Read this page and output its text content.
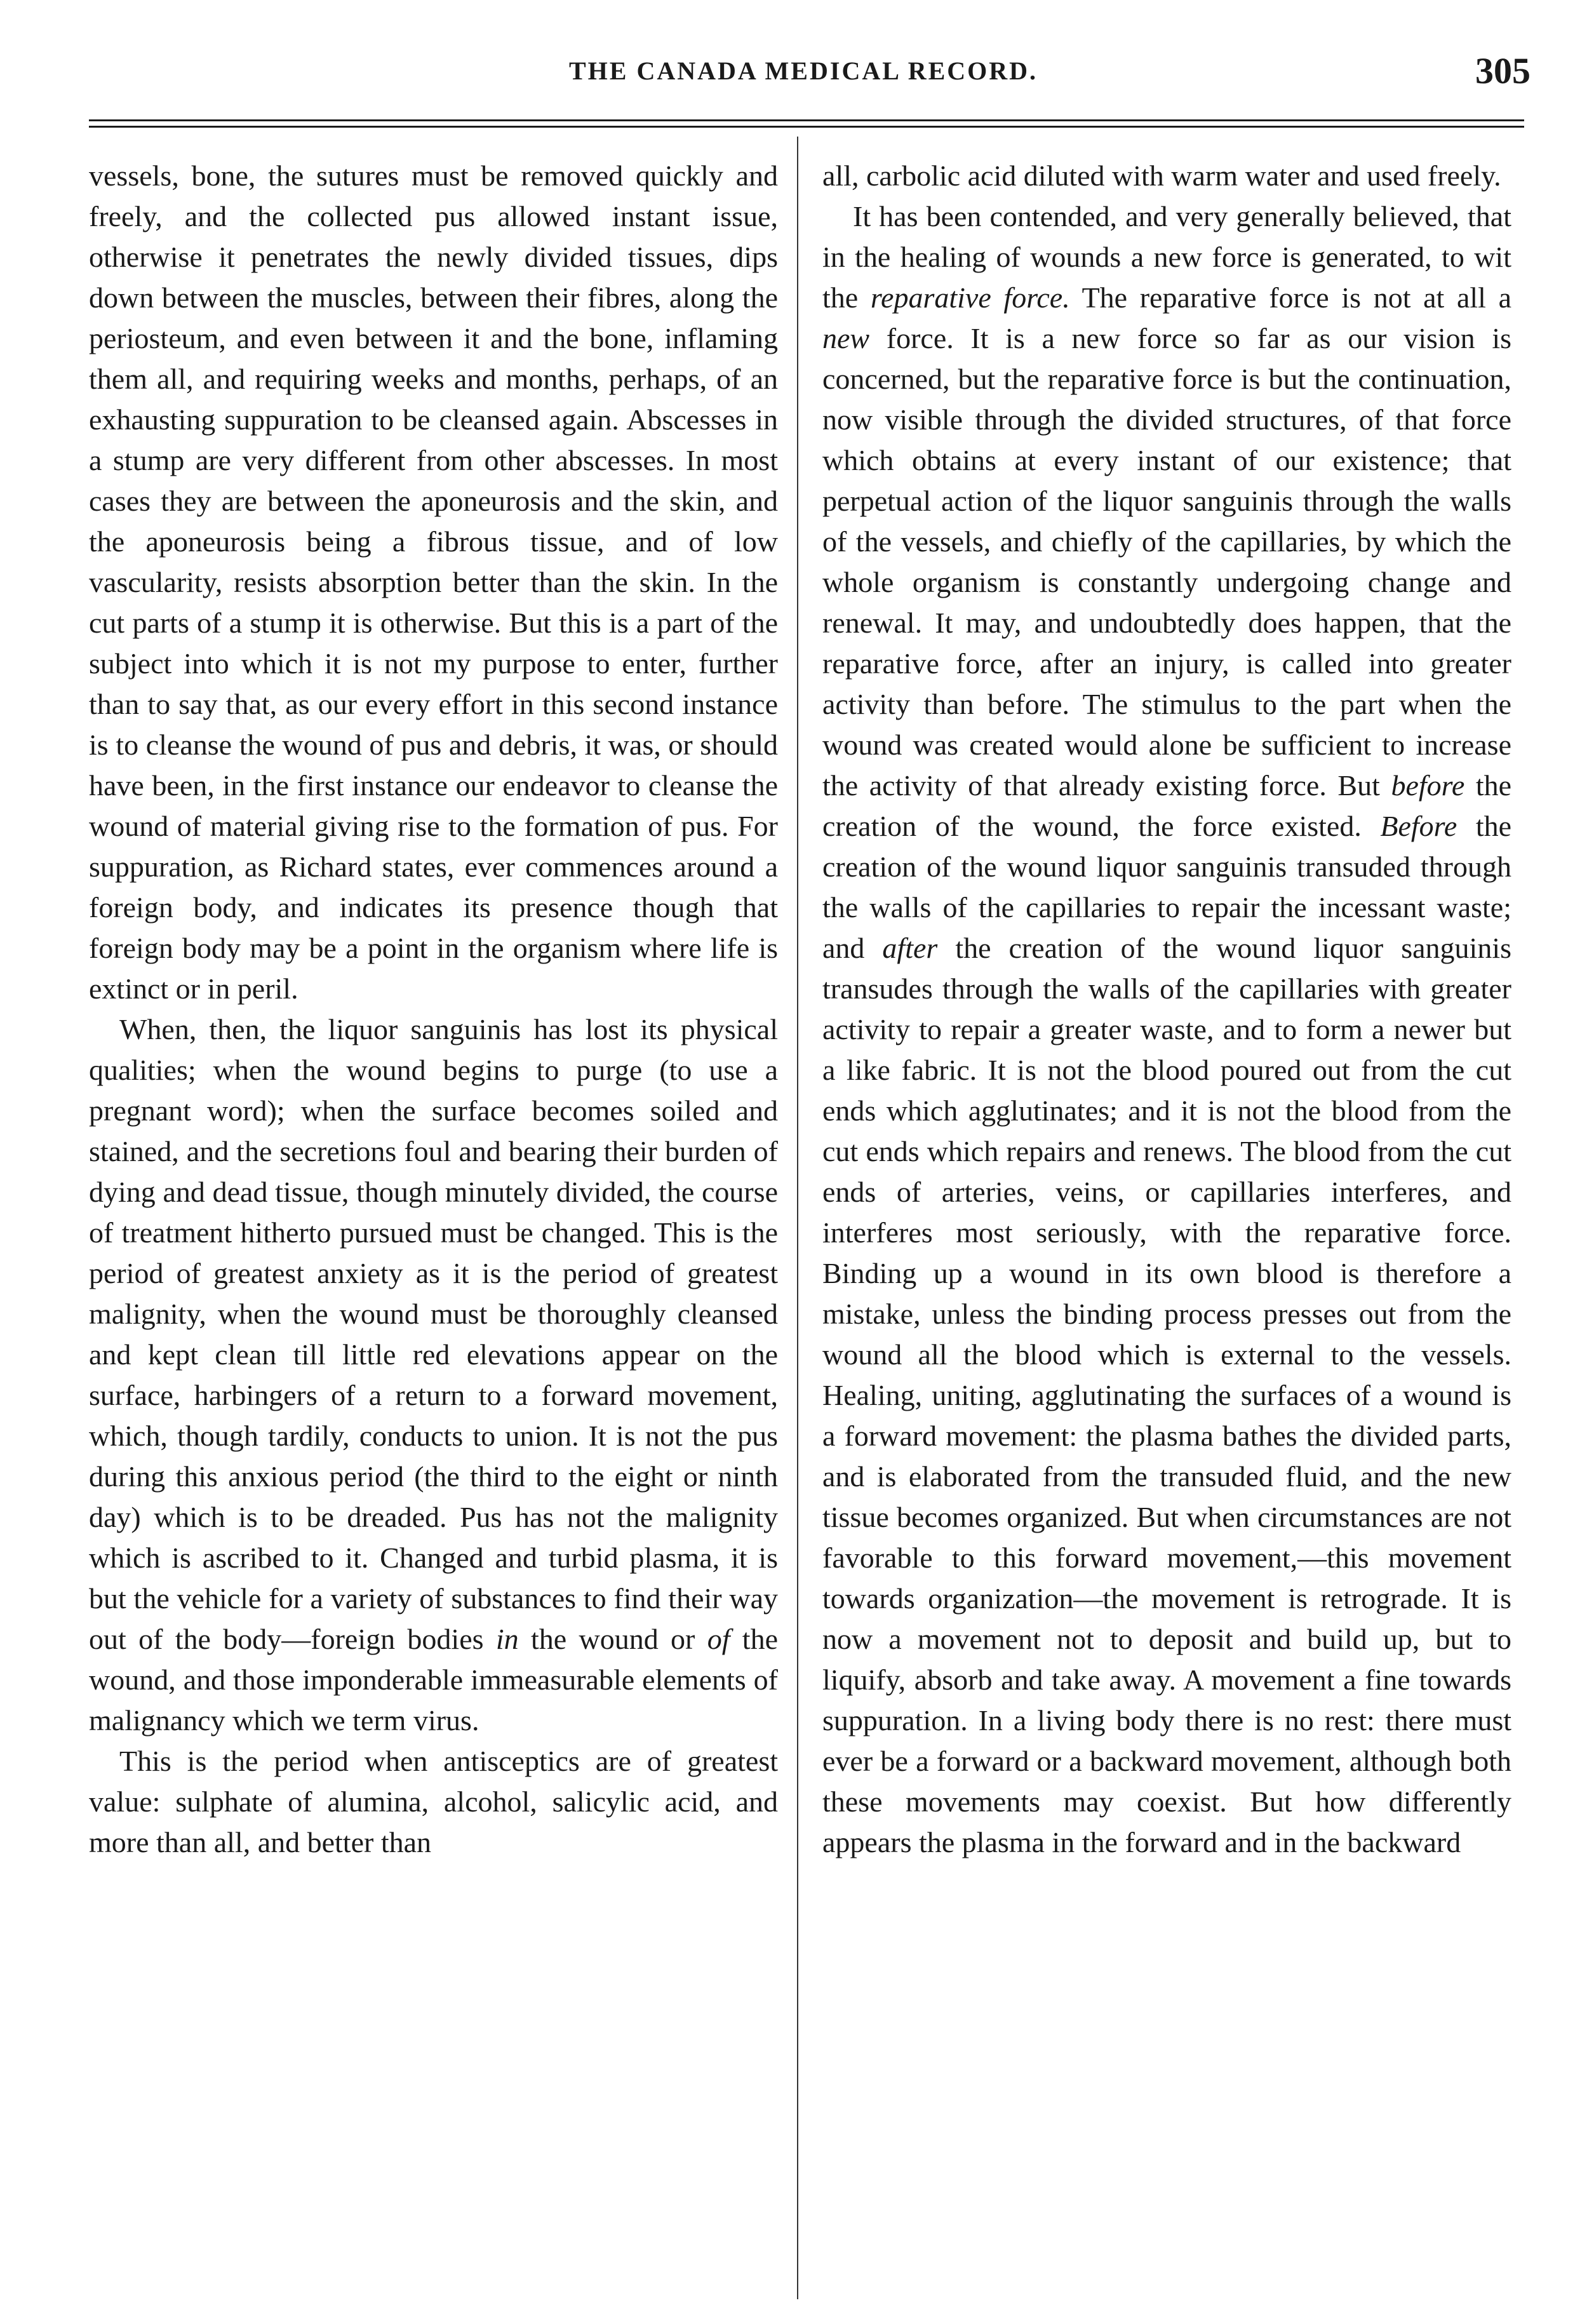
THE CANADA MEDICAL RECORD.	305

vessels, bone, the sutures must be removed quickly and freely, and the collected pus allowed instant issue, otherwise it penetrates the newly divided tissues, dips down between the muscles, between their fibres, along the periosteum, and even between it and the bone, inflaming them all, and requiring weeks and months, perhaps, of an exhausting suppuration to be cleansed again. Abscesses in a stump are very different from other abscesses. In most cases they are between the aponeurosis and the skin, and the aponeurosis being a fibrous tissue, and of low vascularity, resists absorption better than the skin. In the cut parts of a stump it is otherwise. But this is a part of the subject into which it is not my purpose to enter, further than to say that, as our every effort in this second instance is to cleanse the wound of pus and debris, it was, or should have been, in the first instance our endeavor to cleanse the wound of material giving rise to the formation of pus. For suppuration, as Richard states, ever commences around a foreign body, and indicates its presence though that foreign body may be a point in the organism where life is extinct or in peril.

When, then, the liquor sanguinis has lost its physical qualities; when the wound begins to purge (to use a pregnant word); when the surface becomes soiled and stained, and the secretions foul and bearing their burden of dying and dead tissue, though minutely divided, the course of treatment hitherto pursued must be changed. This is the period of greatest anxiety as it is the period of greatest malignity, when the wound must be thoroughly cleansed and kept clean till little red elevations appear on the surface, harbingers of a return to a forward movement, which, though tardily, conducts to union. It is not the pus during this anxious period (the third to the eight or ninth day) which is to be dreaded. Pus has not the malignity which is ascribed to it. Changed and turbid plasma, it is but the vehicle for a variety of substances to find their way out of the body—foreign bodies in the wound or of the wound, and those imponderable immeasurable elements of malignancy which we term virus.

This is the period when antisceptics are of greatest value: sulphate of alumina, alcohol, salicylic acid, and more than all, and better than

all, carbolic acid diluted with warm water and used freely.

It has been contended, and very generally believed, that in the healing of wounds a new force is generated, to wit the reparative force. The reparative force is not at all a new force. It is a new force so far as our vision is concerned, but the reparative force is but the continuation, now visible through the divided structures, of that force which obtains at every instant of our existence; that perpetual action of the liquor sanguinis through the walls of the vessels, and chiefly of the capillaries, by which the whole organism is constantly undergoing change and renewal. It may, and undoubtedly does happen, that the reparative force, after an injury, is called into greater activity than before. The stimulus to the part when the wound was created would alone be sufficient to increase the activity of that already existing force. But before the creation of the wound, the force existed. Before the creation of the wound liquor sanguinis transuded through the walls of the capillaries to repair the incessant waste; and after the creation of the wound liquor sanguinis transudes through the walls of the capillaries with greater activity to repair a greater waste, and to form a newer but a like fabric. It is not the blood poured out from the cut ends which agglutinates; and it is not the blood from the cut ends which repairs and renews. The blood from the cut ends of arteries, veins, or capillaries interferes, and interferes most seriously, with the reparative force. Binding up a wound in its own blood is therefore a mistake, unless the binding process presses out from the wound all the blood which is external to the vessels. Healing, uniting, agglutinating the surfaces of a wound is a forward movement: the plasma bathes the divided parts, and is elaborated from the transuded fluid, and the new tissue becomes organized. But when circumstances are not favorable to this forward movement,—this movement towards organization—the movement is retrograde. It is now a movement not to deposit and build up, but to liquify, absorb and take away. A movement a fine towards suppuration. In a living body there is no rest: there must ever be a forward or a backward movement, although both these movements may coexist. But how differently appears the plasma in the forward and in the backward
